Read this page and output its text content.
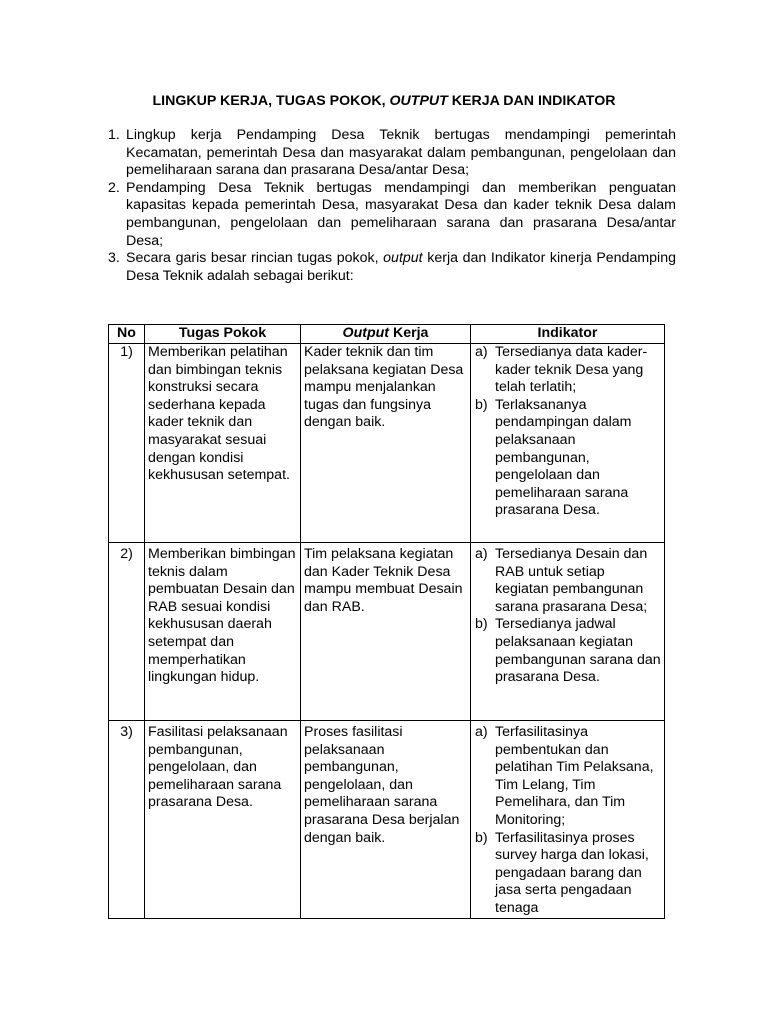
LINGKUP KERJA, TUGAS POKOK, OUTPUT KERJA DAN INDIKATOR
1. Lingkup kerja Pendamping Desa Teknik bertugas mendampingi pemerintah Kecamatan, pemerintah Desa dan masyarakat dalam pembangunan, pengelolaan dan pemeliharaan sarana dan prasarana Desa/antar Desa;
2. Pendamping Desa Teknik bertugas mendampingi dan memberikan penguatan kapasitas kepada pemerintah Desa, masyarakat Desa dan kader teknik Desa dalam pembangunan, pengelolaan dan pemeliharaan sarana dan prasarana Desa/antar Desa;
3. Secara garis besar rincian tugas pokok, output kerja dan Indikator kinerja Pendamping Desa Teknik adalah sebagai berikut:
No	Tugas Pokok	Output Kerja	Indikator
1)	Memberikan pelatihan dan bimbingan teknis konstruksi secara sederhana kepada kader teknik dan masyarakat sesuai dengan kondisi kekhususan setempat.	Kader teknik dan tim pelaksana kegiatan Desa mampu menjalankan tugas dan fungsinya dengan baik.	a) Tersedianya data kader-kader teknik Desa yang telah terlatih;
b) Terlaksananya pendampingan dalam pelaksanaan pembangunan, pengelolaan dan pemeliharaan sarana prasarana Desa.

2)	Memberikan bimbingan teknis dalam pembuatan Desain dan RAB sesuai kondisi kekhususan daerah setempat dan memperhatikan lingkungan hidup.	Tim pelaksana kegiatan dan Kader Teknik Desa mampu membuat Desain dan RAB.	a) Tersedianya Desain dan RAB untuk setiap kegiatan pembangunan sarana prasarana Desa;
b) Tersedianya jadwal pelaksanaan kegiatan pembangunan sarana dan prasarana Desa.

3)	Fasilitasi pelaksanaan pembangunan, pengelolaan, dan pemeliharaan sarana prasarana Desa.	Proses fasilitasi pelaksanaan pembangunan, pengelolaan, dan pemeliharaan sarana prasarana Desa berjalan dengan baik.	a) Terfasilitasinya pembentukan dan pelatihan Tim Pelaksana, Tim Lelang, Tim Pemelihara, dan Tim Monitoring;
b) Terfasilitasinya proses survey harga dan lokasi, pengadaan barang dan jasa serta pengadaan tenaga
